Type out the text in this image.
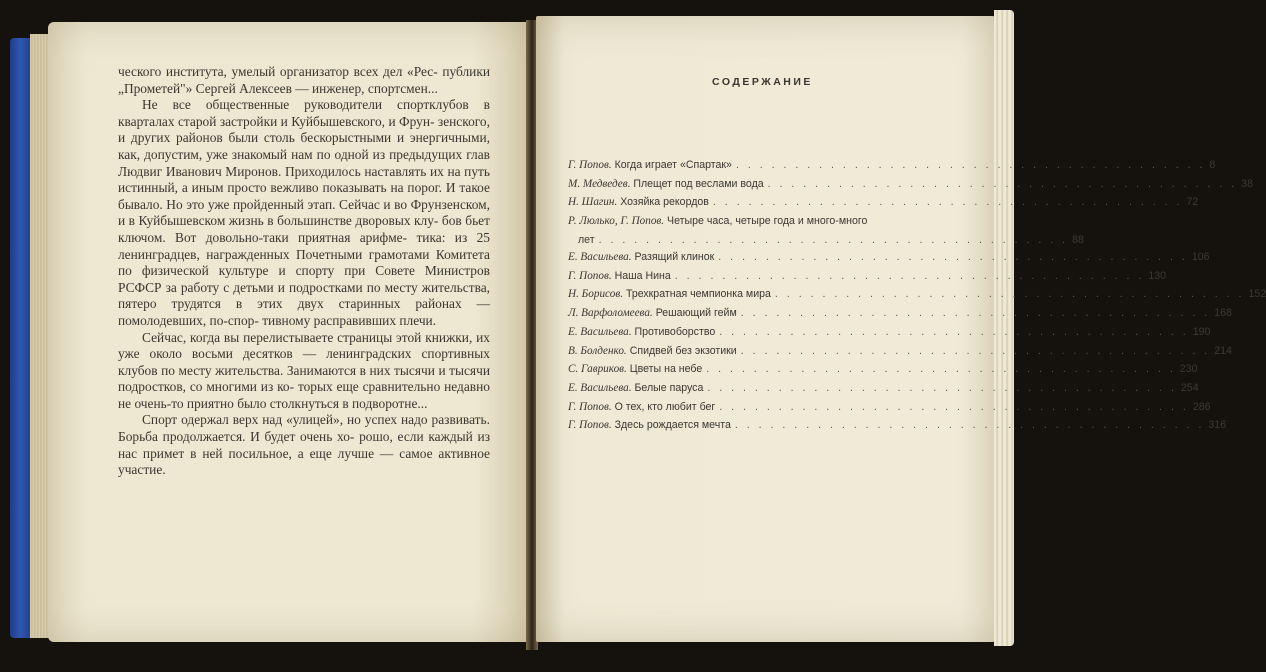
ческого института, умелый организатор всех дел «Рес- публики „Прометей"» Сергей Алексеев — инженер, спортсмен...

Не все общественные руководители спортклубов в кварталах старой застройки и Куйбышевского, и Фрун- зенского, и других районов были столь бескорыстными и энергичными, как, допустим, уже знакомый нам по одной из предыдущих глав Людвиг Иванович Миронов. Приходилось наставлять их на путь истинный, а иным просто вежливо показывать на порог. И такое бывало. Но это уже пройденный этап. Сейчас и во Фрунзенском, и в Куйбышевском жизнь в большинстве дворовых клу- бов бьет ключом. Вот довольно-таки приятная арифме- тика: из 25 ленинградцев, награжденных Почетными грамотами Комитета по физической культуре и спорту при Совете Министров РСФСР за работу с детьми и подростками по месту жительства, пятеро трудятся в этих двух старинных районах — помолодевших, по-спор- тивному расправивших плечи.

Сейчас, когда вы перелистываете страницы этой книжки, их уже около восьми десятков — ленинградских спортивных клубов по месту жительства. Занимаются в них тысячи и тысячи подростков, со многими из ко- торых еще сравнительно недавно не очень-то приятно было столкнуться в подворотне...

Спорт одержал верх над «улицей», но успех надо развивать. Борьба продолжается. И будет очень хо- рошо, если каждый из нас примет в ней посильное, а еще лучше — самое активное участие.

СОДЕРЖАНИЕ
Г. Попов. Когда играет «Спартак» . . . . . . . . . . . . . . . . . . . . . . . . . . . . . . . . . . . . . . . . 8
М. Медведев. Плещет под веслами вода . . . . . . . . . . . . . . . . . . . . . . . . . . . . . . . . . . . . . . . . 38
Н. Шагин. Хозяйка рекордов . . . . . . . . . . . . . . . . . . . . . . . . . . . . . . . . . . . . . . . . 72
Р. Люлько, Г. Попов. Четыре часа, четыре года и много-много
лет . . . . . . . . . . . . . . . . . . . . . . . . . . . . . . . . . . . . . . . . 88
Е. Васильева. Разящий клинок . . . . . . . . . . . . . . . . . . . . . . . . . . . . . . . . . . . . . . . . 106
Г. Попов. Наша Нина . . . . . . . . . . . . . . . . . . . . . . . . . . . . . . . . . . . . . . . . 130
Н. Борисов. Трехкратная чемпионка мира . . . . . . . . . . . . . . . . . . . . . . . . . . . . . . . . . . . . . . . . 152
Л. Варфоломеева. Решающий гейм . . . . . . . . . . . . . . . . . . . . . . . . . . . . . . . . . . . . . . . . 168
Е. Васильева. Противоборство . . . . . . . . . . . . . . . . . . . . . . . . . . . . . . . . . . . . . . . . 190
В. Болденко. Спидвей без экзотики . . . . . . . . . . . . . . . . . . . . . . . . . . . . . . . . . . . . . . . . 214
С. Гавриков. Цветы на небе . . . . . . . . . . . . . . . . . . . . . . . . . . . . . . . . . . . . . . . . 230
Е. Васильева. Белые паруса . . . . . . . . . . . . . . . . . . . . . . . . . . . . . . . . . . . . . . . . 254
Г. Попов. О тех, кто любит бег . . . . . . . . . . . . . . . . . . . . . . . . . . . . . . . . . . . . . . . . 286
Г. Попов. Здесь рождается мечта . . . . . . . . . . . . . . . . . . . . . . . . . . . . . . . . . . . . . . . . 316
